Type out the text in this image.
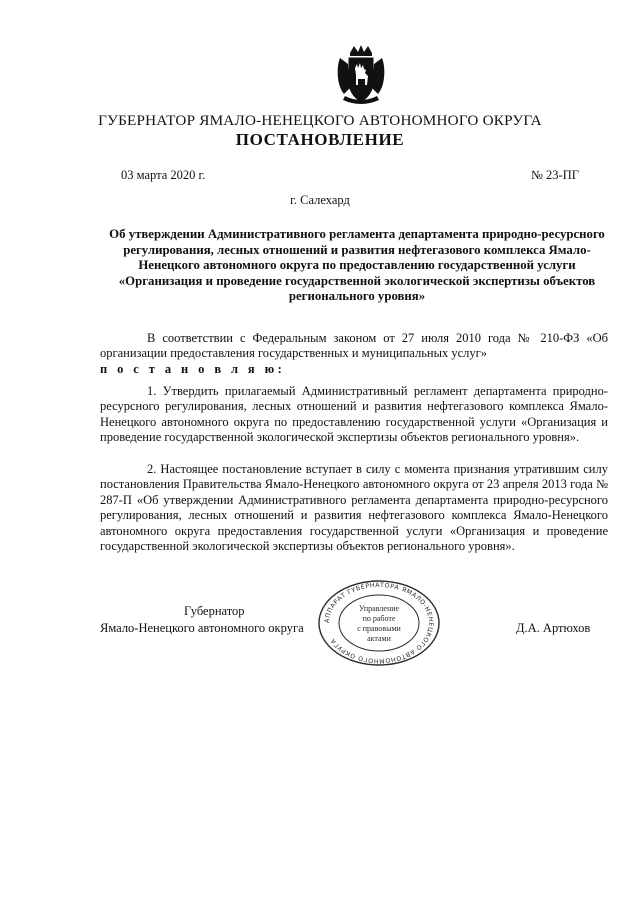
ГУБЕРНАТОР ЯМАЛО-НЕНЕЦКОГО АВТОНОМНОГО ОКРУГА
ПОСТАНОВЛЕНИЕ
03 марта 2020 г.	№ 23-ПГ
г. Салехард
Об утверждении Административного регламента департамента природно-ресурсного регулирования, лесных отношений и развития нефтегазового комплекса Ямало-Ненецкого автономного округа по предоставлению государственной услуги «Организация и проведение государственной экологической экспертизы объектов регионального уровня»
В соответствии с Федеральным законом от 27 июля 2010 года № 210-ФЗ «Об организации предоставления государственных и муниципальных услуг»
п о с т а н о в л я ю:
1. Утвердить прилагаемый Административный регламент департамента природно-ресурсного регулирования, лесных отношений и развития нефтегазового комплекса Ямало-Ненецкого автономного округа по предоставлению государственной услуги «Организация и проведение государственной экологической экспертизы объектов регионального уровня».
2. Настоящее постановление вступает в силу с момента признания утратившим силу постановления Правительства Ямало-Ненецкого автономного округа от 23 апреля 2013 года № 287-П «Об утверждении Административного регламента департамента природно-ресурсного регулирования, лесных отношений и развития нефтегазового комплекса Ямало-Ненецкого автономного округа предоставления государственной услуги «Организация и проведение государственной экологической экспертизы объектов регионального уровня».
Губернатор
Ямало-Ненецкого автономного округа	Д.А. Артюхов
АППАРАТ ГУБЕРНАТОРА ЯМАЛО-НЕНЕЦКОГО АВТОНОМНОГО ОКРУГА
Управление
по работе
с правовыми
актами
